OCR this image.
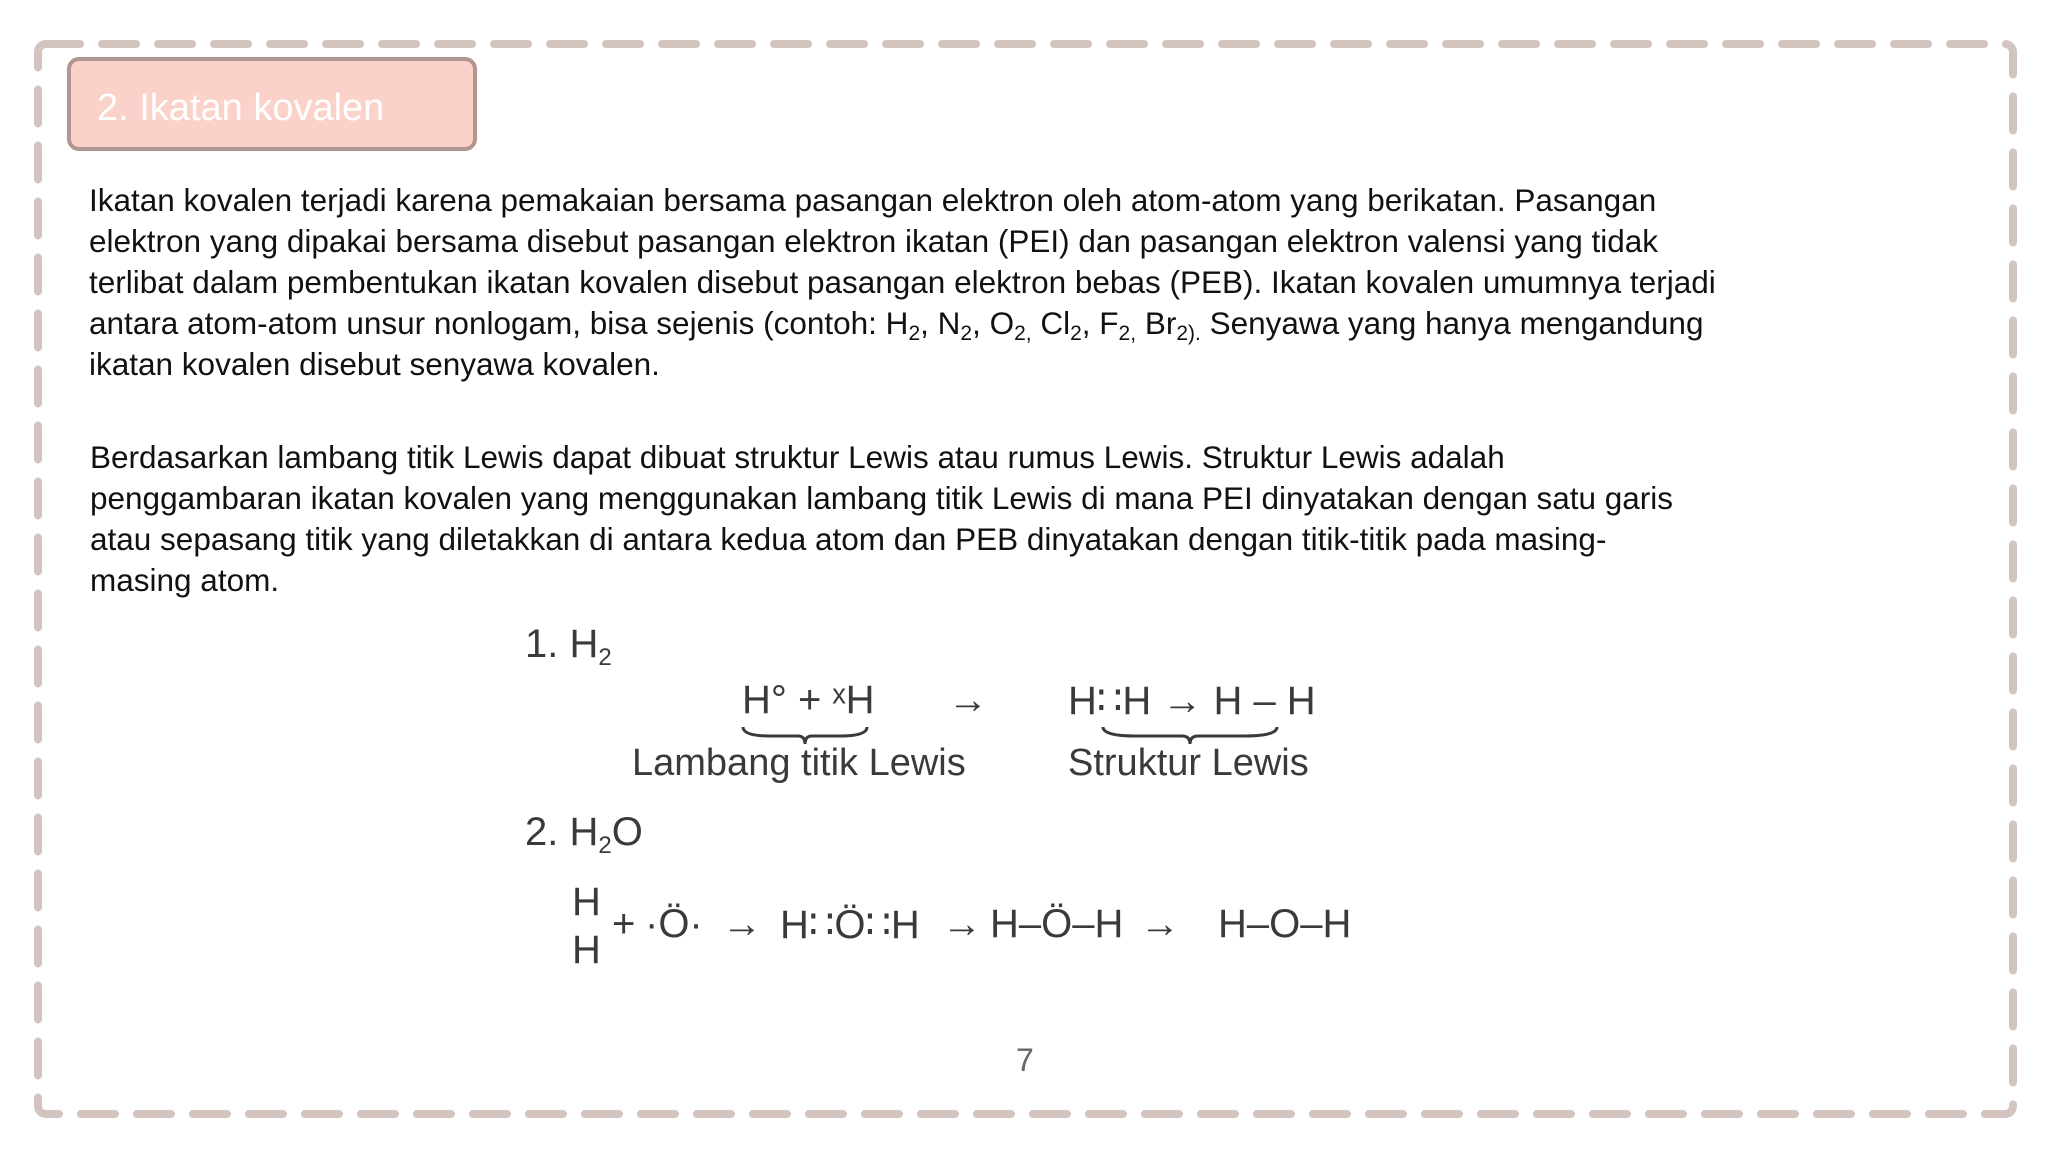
2. Ikatan kovalen
Ikatan kovalen terjadi karena pemakaian bersama pasangan elektron oleh atom-atom yang berikatan. Pasangan
elektron yang dipakai bersama disebut pasangan elektron ikatan (PEI) dan pasangan elektron valensi yang tidak
terlibat dalam pembentukan ikatan kovalen disebut pasangan elektron bebas (PEB). Ikatan kovalen umumnya terjadi
antara atom-atom unsur nonlogam, bisa sejenis (contoh: $H_2$, $N_2$, $O_{2,}$ $Cl_2$, $F_{2,}$ $Br_{2).}$ Senyawa yang hanya mengandung
ikatan kovalen disebut senyawa kovalen.
Berdasarkan lambang titik Lewis dapat dibuat struktur Lewis atau rumus Lewis. Struktur Lewis adalah
penggambaran ikatan kovalen yang menggunakan lambang titik Lewis di mana PEI dinyatakan dengan satu garis
atau sepasang titik yang diletakkan di antara kedua atom dan PEB dinyatakan dengan titik-titik pada masing-
masing atom.
1. $H_2$
H° + ˣH → H∷H → H – H
Lambang titik Lewis	Struktur Lewis
2. $H_2O$
H
H
+ ·Ö· → H∷Ö∷H → H–Ö–H → H–O–H
7
